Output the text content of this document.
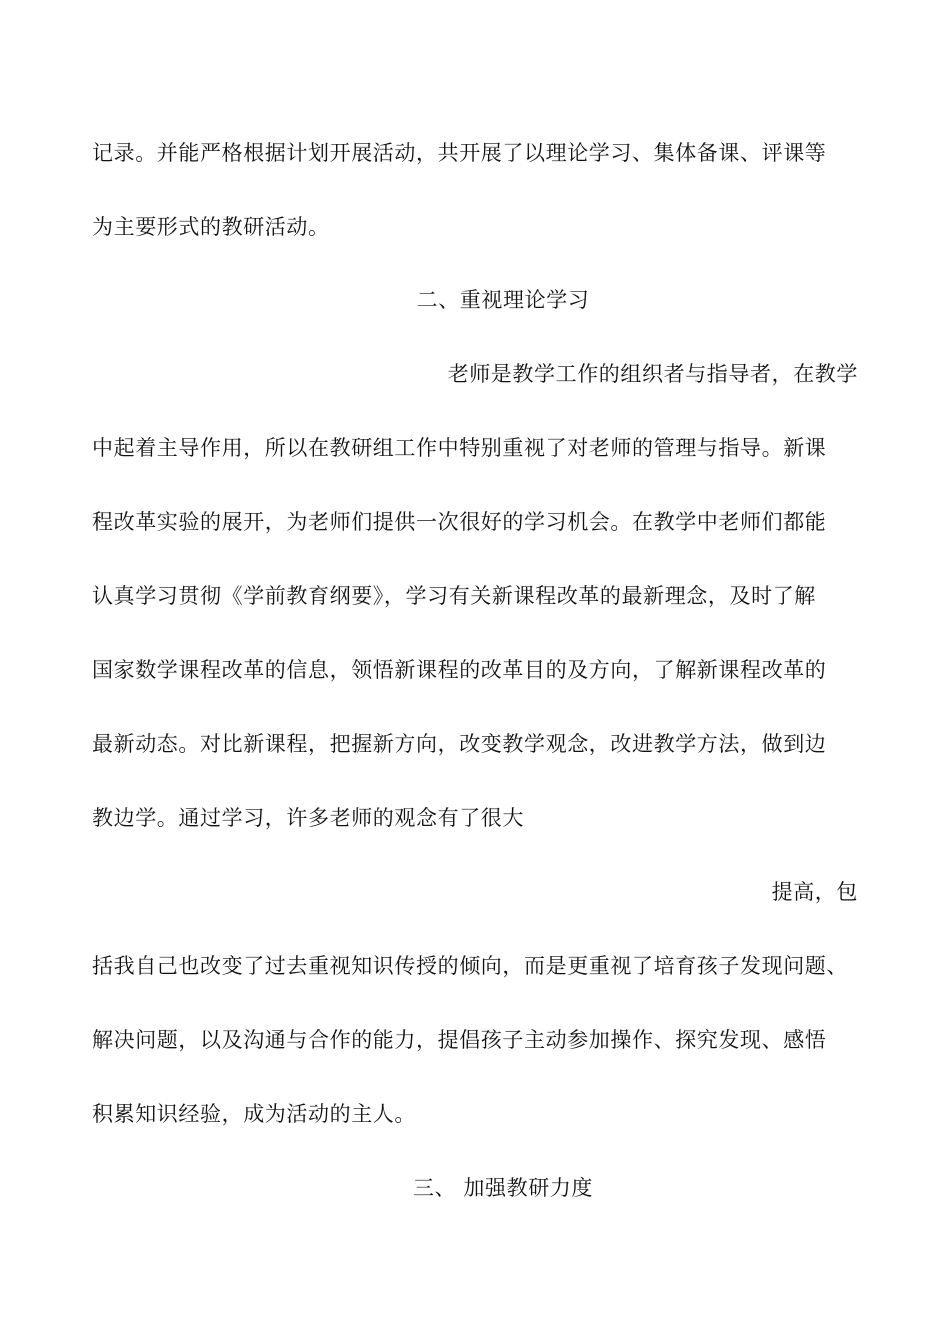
记录。并能严格根据计划开展活动，共开展了以理论学习、集体备课、评课等
为主要形式的教研活动。
二、重视理论学习
老师是教学工作的组织者与指导者，在教学
中起着主导作用，所以在教研组工作中特别重视了对老师的管理与指导。新课
程改革实验的展开，为老师们提供一次很好的学习机会。在教学中老师们都能
认真学习贯彻《学前教育纲要》，学习有关新课程改革的最新理念，及时了解
国家数学课程改革的信息，领悟新课程的改革目的及方向，了解新课程改革的
最新动态。对比新课程，把握新方向，改变教学观念，改进教学方法，做到边
教边学。通过学习，许多老师的观念有了很大
提高，包
括我自己也改变了过去重视知识传授的倾向，而是更重视了培育孩子发现问题、
解决问题，以及沟通与合作的能力，提倡孩子主动参加操作、探究发现、感悟
积累知识经验，成为活动的主人。
三、 加强教研力度
